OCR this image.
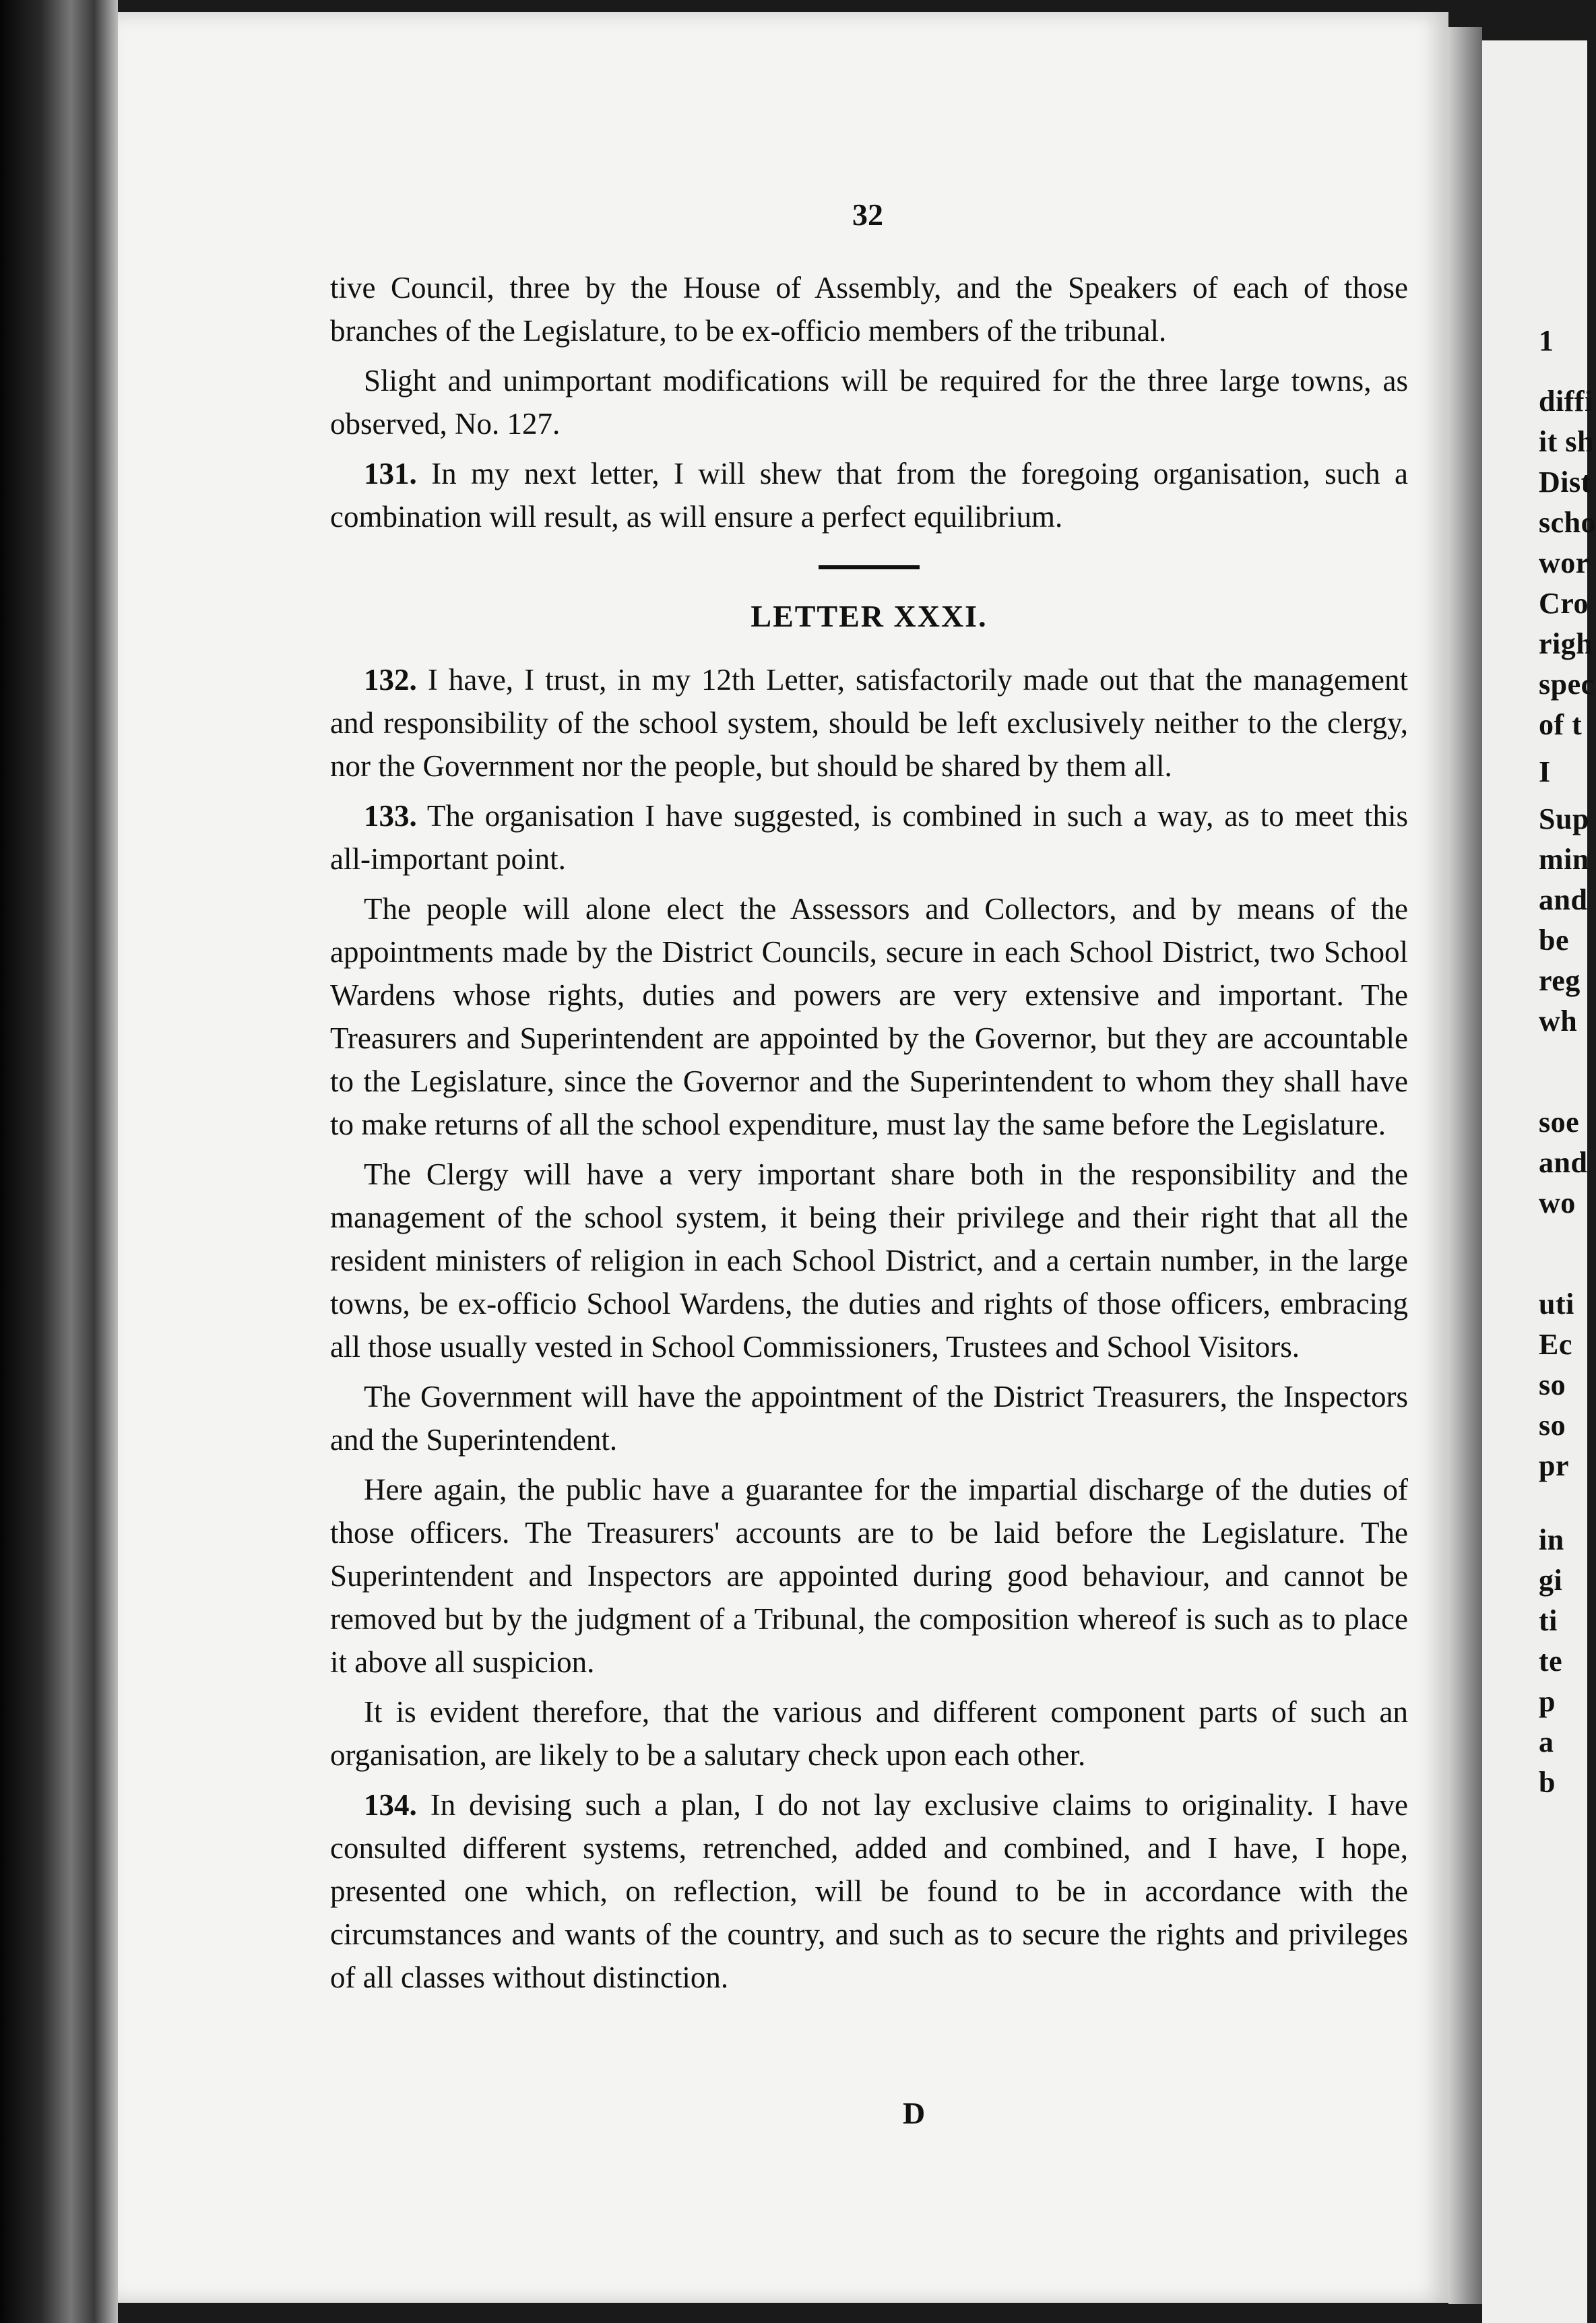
1
diffi
it sh
Dist
scho
wor
Cro
righ
spec
of t
I
Sup
min
and
be
reg
wh
soe
and
wo
uti
Ec
so
so
pr
in
gi
ti
te
p
a
b
32

tive Council, three by the House of Assembly, and the Speakers of each of those branches of the Legislature, to be ex-officio members of the tribunal.

Slight and unimportant modifications will be required for the three large towns, as observed, No. 127.

131. In my next letter, I will shew that from the foregoing organisation, such a combination will result, as will ensure a perfect equilibrium.

LETTER XXXI.

132. I have, I trust, in my 12th Letter, satisfactorily made out that the management and responsibility of the school system, should be left exclusively neither to the clergy, nor the Government nor the people, but should be shared by them all.

133. The organisation I have suggested, is combined in such a way, as to meet this all-important point.

The people will alone elect the Assessors and Collectors, and by means of the appointments made by the District Councils, secure in each School District, two School Wardens whose rights, duties and powers are very extensive and important. The Treasurers and Superintendent are appointed by the Governor, but they are accountable to the Legislature, since the Governor and the Superintendent to whom they shall have to make returns of all the school expenditure, must lay the same before the Legislature.

The Clergy will have a very important share both in the responsibility and the management of the school system, it being their privilege and their right that all the resident ministers of religion in each School District, and a certain number, in the large towns, be ex-officio School Wardens, the duties and rights of those officers, embracing all those usually vested in School Commissioners, Trustees and School Visitors.

The Government will have the appointment of the District Treasurers, the Inspectors and the Superintendent.

Here again, the public have a guarantee for the impartial discharge of the duties of those officers. The Treasurers' accounts are to be laid before the Legislature. The Superintendent and Inspectors are appointed during good behaviour, and cannot be removed but by the judgment of a Tribunal, the composition whereof is such as to place it above all suspicion.

It is evident therefore, that the various and different component parts of such an organisation, are likely to be a salutary check upon each other.

134. In devising such a plan, I do not lay exclusive claims to originality. I have consulted different systems, retrenched, added and combined, and I have, I hope, presented one which, on reflection, will be found to be in accordance with the circumstances and wants of the country, and such as to secure the rights and privileges of all classes without distinction.

D
